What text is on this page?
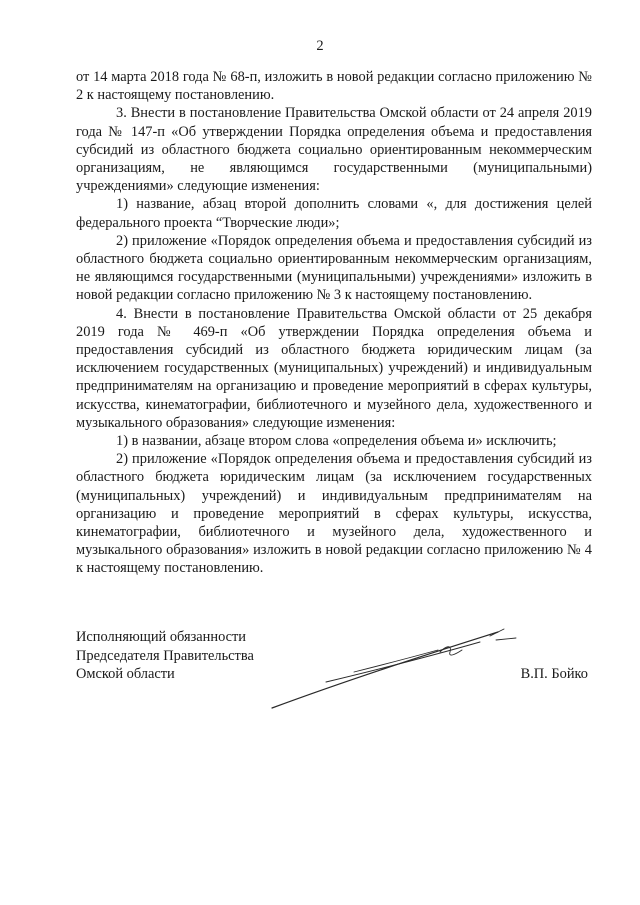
2

от 14 марта 2018 года № 68-п, изложить в новой редакции согласно приложению № 2 к настоящему постановлению.

3. Внести в постановление Правительства Омской области от 24 апреля 2019 года № 147-п «Об утверждении Порядка определения объема и предоставления субсидий из областного бюджета социально ориентированным некоммерческим организациям, не являющимся государственными (муниципальными) учреждениями» следующие изменения:

1) название, абзац второй дополнить словами «, для достижения целей федерального проекта “Творческие люди»;

2) приложение «Порядок определения объема и предоставления субсидий из областного бюджета социально ориентированным некоммерческим организациям, не являющимся государственными (муниципальными) учреждениями» изложить в новой редакции согласно приложению № 3 к настоящему постановлению.

4. Внести в постановление Правительства Омской области от 25 декабря 2019 года № 469-п «Об утверждении Порядка определения объема и предоставления субсидий из областного бюджета юридическим лицам (за исключением государственных (муниципальных) учреждений) и индивидуальным предпринимателям на организацию и проведение мероприятий в сферах культуры, искусства, кинематографии, библиотечного и музейного дела, художественного и музыкального образования» следующие изменения:

1) в названии, абзаце втором слова «определения объема и» исключить;

2) приложение «Порядок определения объема и предоставления субсидий из областного бюджета юридическим лицам (за исключением государственных (муниципальных) учреждений) и индивидуальным предпринимателям на организацию и проведение мероприятий в сферах культуры, искусства, кинематографии, библиотечного и музейного дела, художественного и музыкального образования» изложить в новой редакции согласно приложению № 4 к настоящему постановлению.

Исполняющий обязанности
Председателя Правительства
Омской области	В.П. Бойко
